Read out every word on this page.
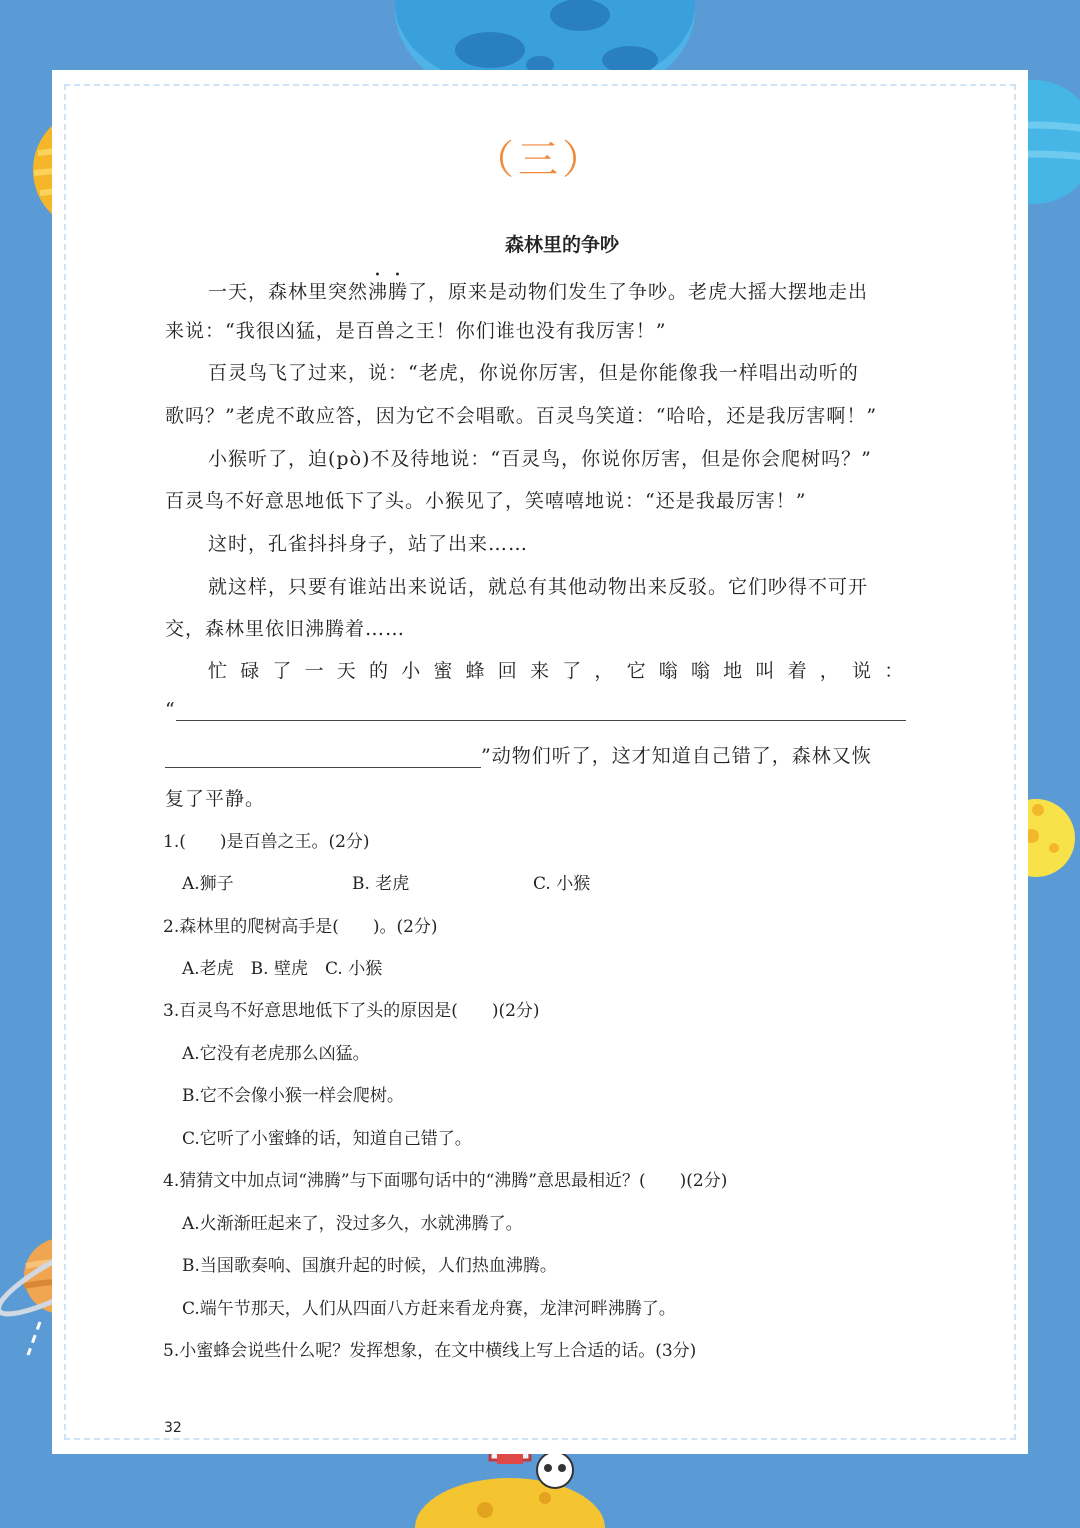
（三）
森林里的争吵
一天，森林里突然沸腾了，原来是动物们发生了争吵。老虎大摇大摆地走出
来说：“我很凶猛，是百兽之王！你们谁也没有我厉害！”
百灵鸟飞了过来，说：“老虎，你说你厉害，但是你能像我一样唱出动听的
歌吗？”老虎不敢应答，因为它不会唱歌。百灵鸟笑道：“哈哈，还是我厉害啊！”
小猴听了，迫(pò)不及待地说：“百灵鸟，你说你厉害，但是你会爬树吗？”
百灵鸟不好意思地低下了头。小猴见了，笑嘻嘻地说：“还是我最厉害！”
这时，孔雀抖抖身子，站了出来……
就这样，只要有谁站出来说话，就总有其他动物出来反驳。它们吵得不可开
交，森林里依旧沸腾着……
忙碌了一天的小蜜蜂回来了，它嗡嗡地叫着，说：
“
”动物们听了，这才知道自己错了，森林又恢
复了平静。
1.(　　)是百兽之王。(2分)
A.狮子	B. 老虎	C. 小猴
2.森林里的爬树高手是(　　)。(2分)
A.老虎　B. 壁虎　C. 小猴
3.百灵鸟不好意思地低下了头的原因是(　　)(2分)
A.它没有老虎那么凶猛。
B.它不会像小猴一样会爬树。
C.它听了小蜜蜂的话，知道自己错了。
4.猜猜文中加点词“沸腾”与下面哪句话中的“沸腾”意思最相近？(　　)(2分)
A.火渐渐旺起来了，没过多久，水就沸腾了。
B.当国歌奏响、国旗升起的时候，人们热血沸腾。
C.端午节那天，人们从四面八方赶来看龙舟赛，龙津河畔沸腾了。
5.小蜜蜂会说些什么呢？发挥想象，在文中横线上写上合适的话。(3分)
32
